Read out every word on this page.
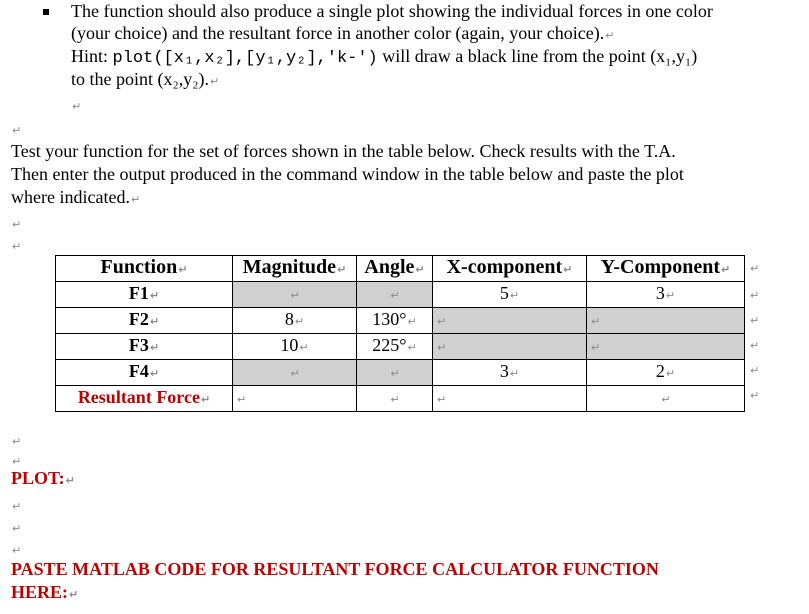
The function should also produce a single plot showing the individual forces in one color
(your choice) and the resultant force in another color (again, your choice).↵
Hint: plot([x₁,x₂],[y₁,y₂],'k-') will draw a black line from the point (x₁,y₁)
to the point (x₂,y₂).↵
↵
↵
Test your function for the set of forces shown in the table below. Check results with the T.A.
Then enter the output produced in the command window in the table below and paste the plot
where indicated.↵
↵
↵
Function↵	Magnitude↵	Angle↵	X-component↵	Y-Component↵
F1↵	↵	↵	5↵	3↵
F2↵	8↵	130°↵	↵	↵
F3↵	10↵	225°↵	↵	↵
F4↵	↵	↵	3↵	2↵
Resultant Force↵	↵	↵	↵	↵
↵
↵
↵
↵
↵
↵
↵
↵
PLOT:↵
↵
↵
↵
PASTE MATLAB CODE FOR RESULTANT FORCE CALCULATOR FUNCTION
HERE:↵
